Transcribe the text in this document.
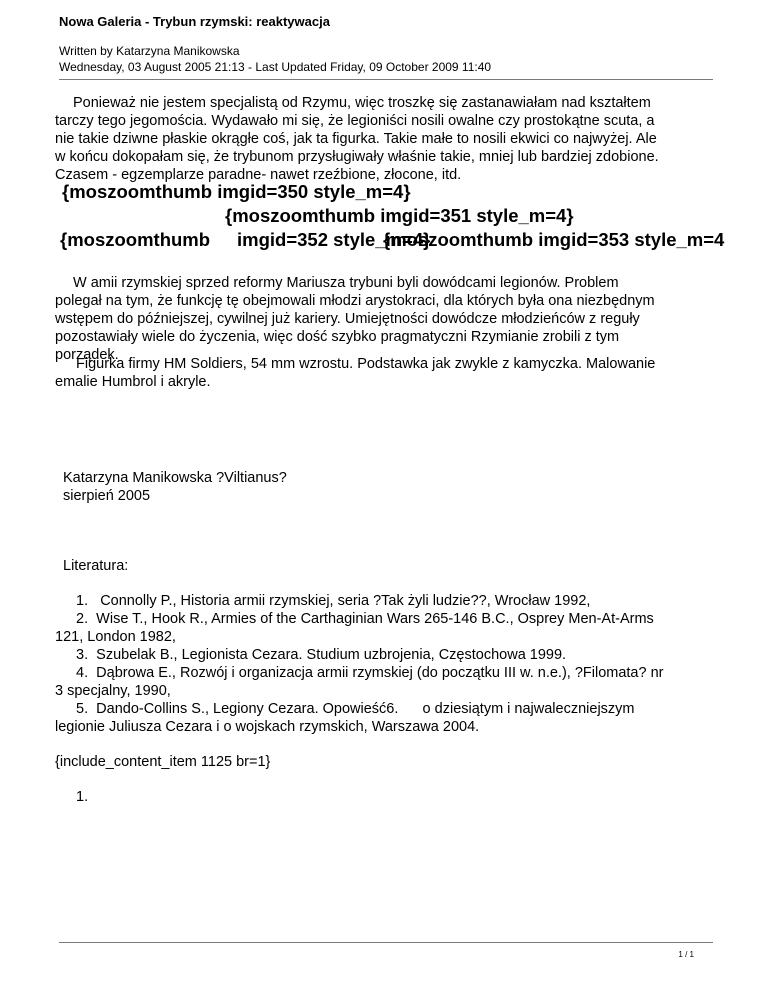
Nowa Galeria - Trybun rzymski: reaktywacja
Written by Katarzyna Manikowska
Wednesday, 03 August 2005 21:13 - Last Updated Friday, 09 October 2009 11:40
Ponieważ nie jestem specjalistą od Rzymu, więc troszkę się zastanawiałam nad kształtem
tarczy tego jegomościa. Wydawało mi się, że legioniści nosili owalne czy prostokątne scuta, a
nie takie dziwne płaskie okrągłe coś, jak ta figurka. Takie małe to nosili ekwici co najwyżej. Ale
w końcu dokopałam się, że trybunom przysługiwały właśnie takie, mniej lub bardziej zdobione.
Czasem - egzemplarze paradne- nawet rzeźbione, złocone, itd.
{moszoomthumb imgid=350 style_m=4}
{moszoomthumb imgid=351 style_m=4}
{moszoomthumb imgid=352 style_m=4}
{moszoomthumb imgid=353 style_m=4
W amii rzymskiej sprzed reformy Mariusza trybuni byli dowódcami legionów. Problem
polegał na tym, że funkcję tę obejmowali młodzi arystokraci, dla których była ona niezbędnym
wstępem do późniejszej, cywilnej już kariery. Umiejętności dowódcze młodzieńców z reguły
pozostawiały wiele do życzenia, więc dość szybko pragmatyczni Rzymianie zrobili z tym
porządek.
Figurka firmy HM Soldiers, 54 mm wzrostu. Podstawka jak zwykle z kamyczka. Malowanie
emalie Humbrol i akryle.
Katarzyna Manikowska ?Viltianus?
sierpień 2005
Literatura:
1. Connolly P., Historia armii rzymskiej, seria ?Tak żyli ludzie??, Wrocław 1992,
2. Wise T., Hook R., Armies of the Carthaginian Wars 265-146 B.C., Osprey Men-At-Arms
121, London 1982,
3. Szubelak B., Legionista Cezara. Studium uzbrojenia, Częstochowa 1999.
4. Dąbrowa E., Rozwój i organizacja armii rzymskiej (do początku III w. n.e.), ?Filomata? nr
3 specjalny, 1990,
5. Dando-Collins S., Legiony Cezara. Opowieść6.      o dziesiątym i najwaleczniejszym
legionie Juliusza Cezara i o wojskach rzymskich, Warszawa 2004.
{include_content_item 1125 br=1}
1.
1 / 1
